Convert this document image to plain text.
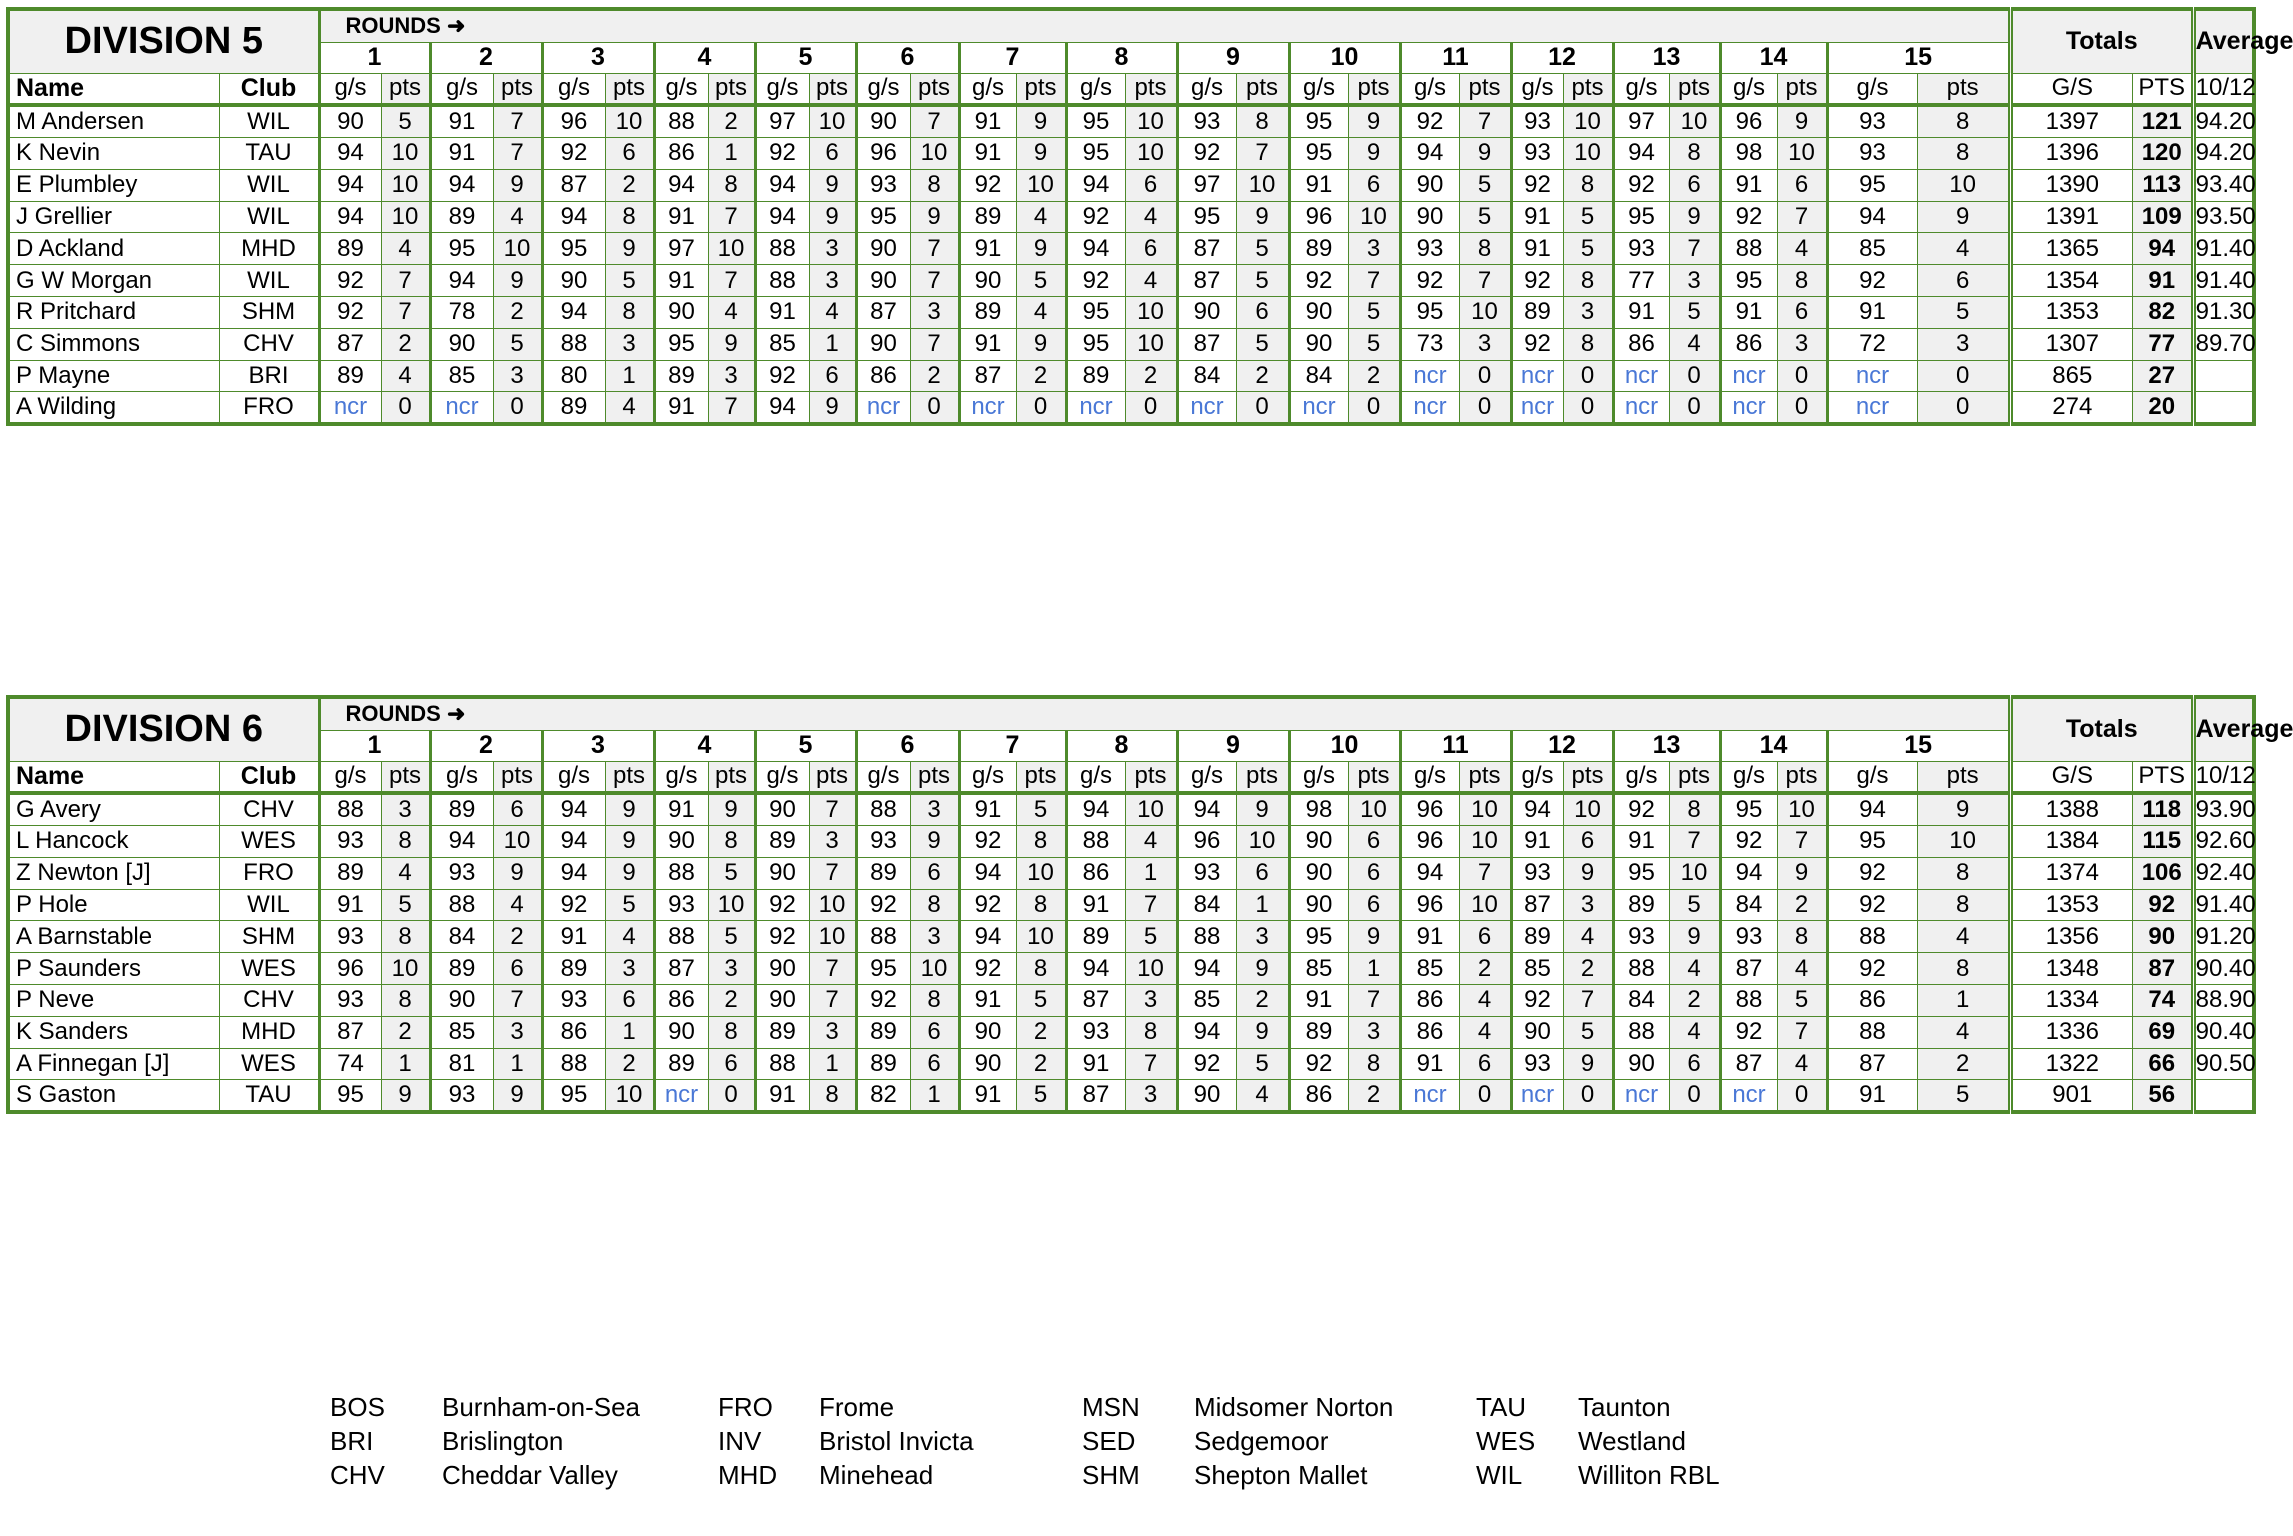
DIVISION 5		ROUNDS ➜																														Totals		Average
		1		2		3		4		5		6		7		8		9		10		11		12		13		14		15				
Name	Club	g/s	pts	g/s	pts	g/s	pts	g/s	pts	g/s	pts	g/s	pts	g/s	pts	g/s	pts	g/s	pts	g/s	pts	g/s	pts	g/s	pts	g/s	pts	g/s	pts	g/s	pts	G/S	PTS	10/12
M Andersen	WIL	90	5	91	7	96	10	88	2	97	10	90	7	91	9	95	10	93	8	95	9	92	7	93	10	97	10	96	9	93	8	1397	121	94.20
K Nevin	TAU	94	10	91	7	92	6	86	1	92	6	96	10	91	9	95	10	92	7	95	9	94	9	93	10	94	8	98	10	93	8	1396	120	94.20
E Plumbley	WIL	94	10	94	9	87	2	94	8	94	9	93	8	92	10	94	6	97	10	91	6	90	5	92	8	92	6	91	6	95	10	1390	113	93.40
J Grellier	WIL	94	10	89	4	94	8	91	7	94	9	95	9	89	4	92	4	95	9	96	10	90	5	91	5	95	9	92	7	94	9	1391	109	93.50
D Ackland	MHD	89	4	95	10	95	9	97	10	88	3	90	7	91	9	94	6	87	5	89	3	93	8	91	5	93	7	88	4	85	4	1365	94	91.40
G W Morgan	WIL	92	7	94	9	90	5	91	7	88	3	90	7	90	5	92	4	87	5	92	7	92	7	92	8	77	3	95	8	92	6	1354	91	91.40
R Pritchard	SHM	92	7	78	2	94	8	90	4	91	4	87	3	89	4	95	10	90	6	90	5	95	10	89	3	91	5	91	6	91	5	1353	82	91.30
C Simmons	CHV	87	2	90	5	88	3	95	9	85	1	90	7	91	9	95	10	87	5	90	5	73	3	92	8	86	4	86	3	72	3	1307	77	89.70
P Mayne	BRI	89	4	85	3	80	1	89	3	92	6	86	2	87	2	89	2	84	2	84	2	ncr	0	ncr	0	ncr	0	ncr	0	ncr	0	865	27	
A Wilding	FRO	ncr	0	ncr	0	89	4	91	7	94	9	ncr	0	ncr	0	ncr	0	ncr	0	ncr	0	ncr	0	ncr	0	ncr	0	ncr	0	ncr	0	274	20	
DIVISION 6		ROUNDS ➜																														Totals		Average
		1		2		3		4		5		6		7		8		9		10		11		12		13		14		15				
Name	Club	g/s	pts	g/s	pts	g/s	pts	g/s	pts	g/s	pts	g/s	pts	g/s	pts	g/s	pts	g/s	pts	g/s	pts	g/s	pts	g/s	pts	g/s	pts	g/s	pts	g/s	pts	G/S	PTS	10/12
G Avery	CHV	88	3	89	6	94	9	91	9	90	7	88	3	91	5	94	10	94	9	98	10	96	10	94	10	92	8	95	10	94	9	1388	118	93.90
L Hancock	WES	93	8	94	10	94	9	90	8	89	3	93	9	92	8	88	4	96	10	90	6	96	10	91	6	91	7	92	7	95	10	1384	115	92.60
Z Newton [J]	FRO	89	4	93	9	94	9	88	5	90	7	89	6	94	10	86	1	93	6	90	6	94	7	93	9	95	10	94	9	92	8	1374	106	92.40
P Hole	WIL	91	5	88	4	92	5	93	10	92	10	92	8	92	8	91	7	84	1	90	6	96	10	87	3	89	5	84	2	92	8	1353	92	91.40
A Barnstable	SHM	93	8	84	2	91	4	88	5	92	10	88	3	94	10	89	5	88	3	95	9	91	6	89	4	93	9	93	8	88	4	1356	90	91.20
P Saunders	WES	96	10	89	6	89	3	87	3	90	7	95	10	92	8	94	10	94	9	85	1	85	2	85	2	88	4	87	4	92	8	1348	87	90.40
P Neve	CHV	93	8	90	7	93	6	86	2	90	7	92	8	91	5	87	3	85	2	91	7	86	4	92	7	84	2	88	5	86	1	1334	74	88.90
K Sanders	MHD	87	2	85	3	86	1	90	8	89	3	89	6	90	2	93	8	94	9	89	3	86	4	90	5	88	4	92	7	88	4	1336	69	90.40
A Finnegan [J]	WES	74	1	81	1	88	2	89	6	88	1	89	6	90	2	91	7	92	5	92	8	91	6	93	9	90	6	87	4	87	2	1322	66	90.50
S Gaston	TAU	95	9	93	9	95	10	ncr	0	91	8	82	1	91	5	87	3	90	4	86	2	ncr	0	ncr	0	ncr	0	ncr	0	91	5	901	56	
BOS Burnham-on-Sea
BRI	Brislington
CHV Cheddar Valley
FRO Frome
INV Bristol Invicta
MHD Minehead
MSN Midsomer Norton
SED Sedgemoor
SHM Shepton Mallet
TAU Taunton
WES Westland
WIL Williton RBL
